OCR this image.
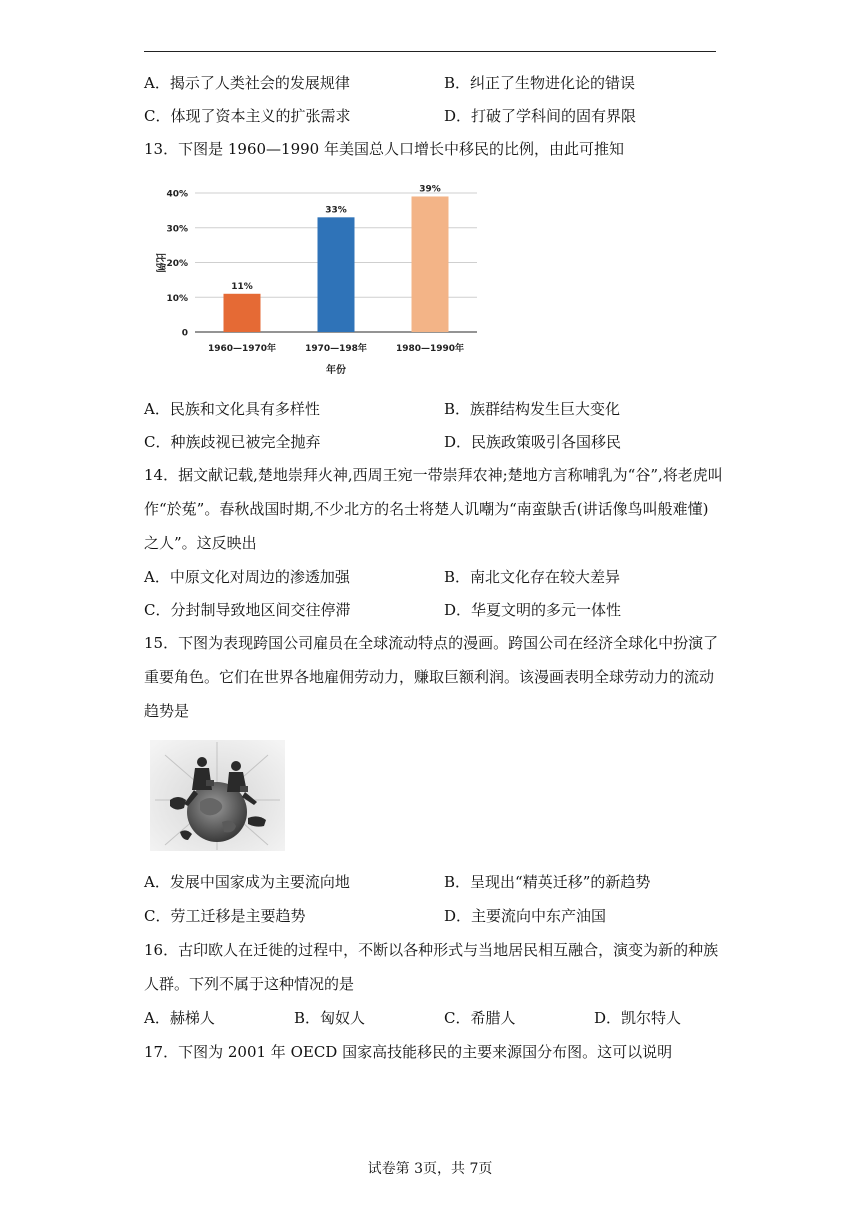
A．揭示了人类社会的发展规律	B．纠正了生物进化论的错误
C．体现了资本主义的扩张需求	D．打破了学科间的固有界限
13．下图是 1960—1990 年美国总人口增长中移民的比例，由此可推知
0
10%
20%
30%
40%
11%
1960—1970年
33%
1970—198年
39%
1980—1990年
年份
比例
A．民族和文化具有多样性	B．族群结构发生巨大变化
C．种族歧视已被完全抛弃	D．民族政策吸引各国移民
14．据文献记载,楚地崇拜火神,西周王宛一带崇拜农神;楚地方言称哺乳为“谷”,将老虎叫
作“於菟”。春秋战国时期,不少北方的名士将楚人讥嘲为“南蛮鴃舌(讲话像鸟叫般难懂)
之人”。这反映出
A．中原文化对周边的渗透加强	B．南北文化存在较大差异
C．分封制导致地区间交往停滞	D．华夏文明的多元一体性
15．下图为表现跨国公司雇员在全球流动特点的漫画。跨国公司在经济全球化中扮演了
重要角色。它们在世界各地雇佣劳动力，赚取巨额利润。该漫画表明全球劳动力的流动
趋势是
A．发展中国家成为主要流向地	B．呈现出“精英迁移”的新趋势
C．劳工迁移是主要趋势	D．主要流向中东产油国
16．古印欧人在迁徙的过程中，不断以各种形式与当地居民相互融合，演变为新的种族
人群。下列不属于这种情况的是
A．赫梯人	B．匈奴人	C．希腊人	D．凯尔特人
17．下图为 2001 年 OECD 国家高技能移民的主要来源国分布图。这可以说明
试卷第 3页，共 7页
